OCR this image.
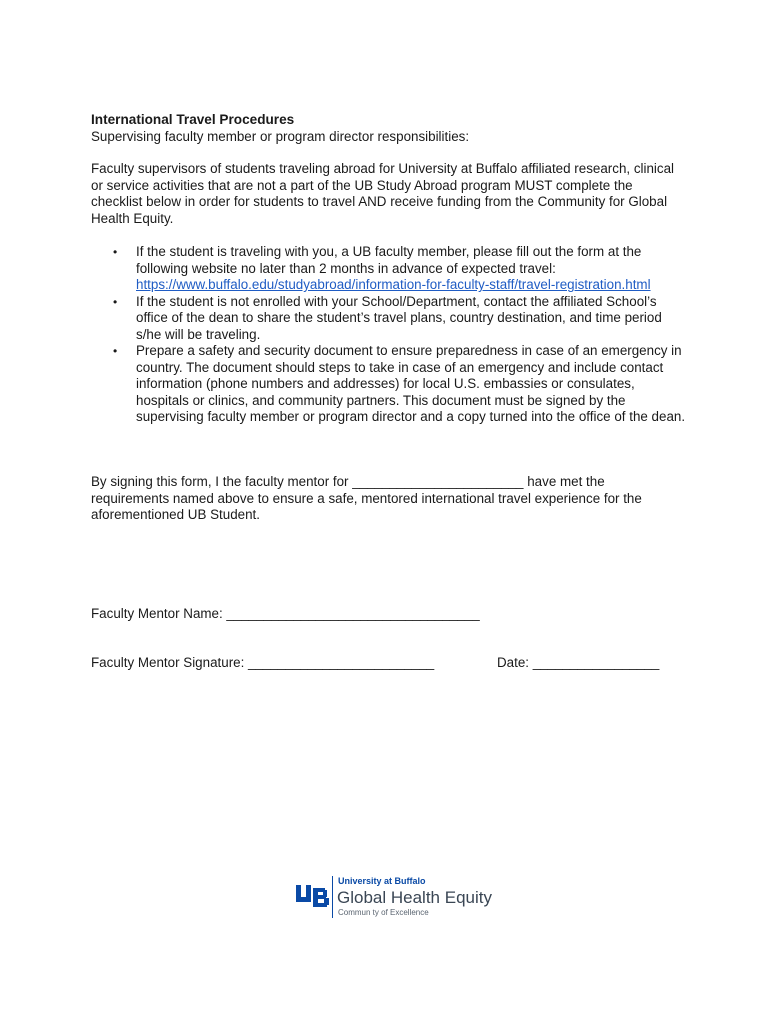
International Travel Procedures

Supervising faculty member or program director responsibilities:

Faculty supervisors of students traveling abroad for University at Buffalo affiliated research, clinical or service activities that are not a part of the UB Study Abroad program MUST complete the checklist below in order for students to travel AND receive funding from the Community for Global Health Equity.

• If the student is traveling with you, a UB faculty member, please fill out the form at the following website no later than 2 months in advance of expected travel: https://www.buffalo.edu/studyabroad/information-for-faculty-staff/travel-registration.html
• If the student is not enrolled with your School/Department, contact the affiliated School’s office of the dean to share the student’s travel plans, country destination, and time period s/he will be traveling.
• Prepare a safety and security document to ensure preparedness in case of an emergency in country. The document should steps to take in case of an emergency and include contact information (phone numbers and addresses) for local U.S. embassies or consulates, hospitals or clinics, and community partners. This document must be signed by the supervising faculty member or program director and a copy turned into the office of the dean.

By signing this form, I the faculty mentor for _______________________ have met the requirements named above to ensure a safe, mentored international travel experience for the aforementioned UB Student.

Faculty Mentor Name: __________________________________
Faculty Mentor Signature: _________________________	Date: _________________
University at Buffalo
Global Health Equity
Commun ty of Excellence
